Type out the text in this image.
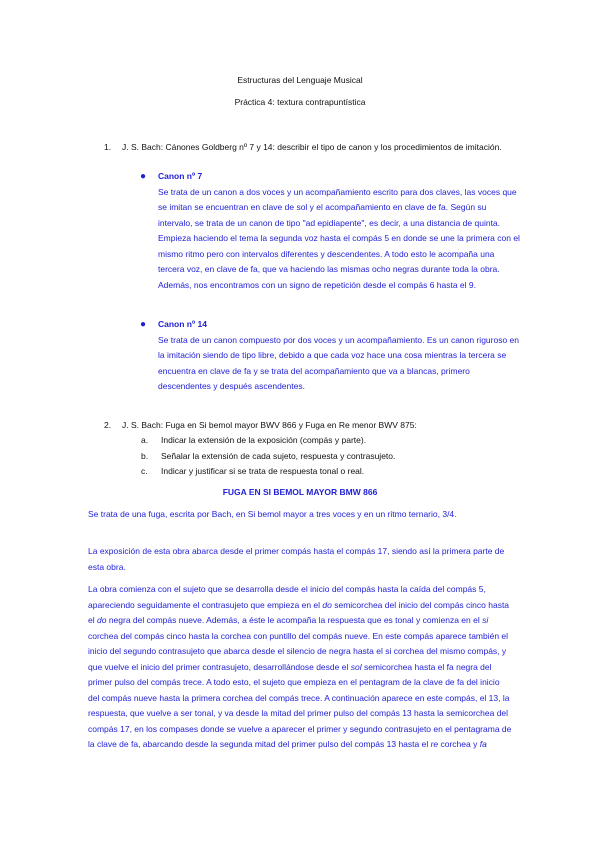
Estructuras del Lenguaje Musical
Práctica 4: textura contrapuntística
1. J. S. Bach: Cánones Goldberg nº 7 y 14: describir el tipo de canon y los procedimientos de imitación.
● Canon nº 7
Se trata de un canon a dos voces y un acompañamiento escrito para dos claves, las voces que se imitan se encuentran en clave de sol y el acompañamiento en clave de fa. Según su intervalo, se trata de un canon de tipo "ad epidiapente", es decir, a una distancia de quinta. Empieza haciendo el tema la segunda voz hasta el compás 5 en donde se une la primera con el mismo ritmo pero con intervalos diferentes y descendentes. A todo esto le acompaña una tercera voz, en clave de fa, que va haciendo las mismas ocho negras durante toda la obra. Además, nos encontramos con un signo de repetición desde el compás 6 hasta el 9.
● Canon nº 14
Se trata de un canon compuesto por dos voces y un acompañamiento. Es un canon riguroso en la imitación siendo de tipo libre, debido a que cada voz hace una cosa mientras la tercera se encuentra en clave de fa y se trata del acompañamiento que va a blancas, primero descendentes y después ascendentes.
2. J. S. Bach: Fuga en Si bemol mayor BWV 866 y Fuga en Re menor BWV 875:
a. Indicar la extensión de la exposición (compás y parte).
b. Señalar la extensión de cada sujeto, respuesta y contrasujeto.
c. Indicar y justificar si se trata de respuesta tonal o real.
FUGA EN SI BEMOL MAYOR BMW 866
Se trata de una fuga, escrita por Bach, en Si bemol mayor a tres voces y en un ritmo ternario, 3/4.
La exposición de esta obra abarca desde el primer compás hasta el compás 17, siendo así la primera parte de esta obra.
La obra comienza con el sujeto que se desarrolla desde el inicio del compás hasta la caída del compás 5, apareciendo seguidamente el contrasujeto que empieza en el do semicorchea del inicio del compás cinco hasta el do negra del compás nueve. Además, a éste le acompaña la respuesta que es tonal y comienza en el si corchea del compás cinco hasta la corchea con puntillo del compás nueve. En este compás aparece también el inicio del segundo contrasujeto que abarca desde el silencio de negra hasta el si corchea del mismo compás, y que vuelve el inicio del primer contrasujeto, desarrollándose desde el sol semicorchea hasta el fa negra del primer pulso del compás trece. A todo esto, el sujeto que empieza en el pentagram de la clave de fa del inicio del compás nueve hasta la primera corchea del compás trece. A continuación aparece en este compás, el 13, la respuesta, que vuelve a ser tonal, y va desde la mitad del primer pulso del compás 13 hasta la semicorchea del compás 17, en los compases donde se vuelve a aparecer el primer y segundo contrasujeto en el pentagrama de la clave de fa, abarcando desde la segunda mitad del primer pulso del compás 13 hasta el re corchea y fa
